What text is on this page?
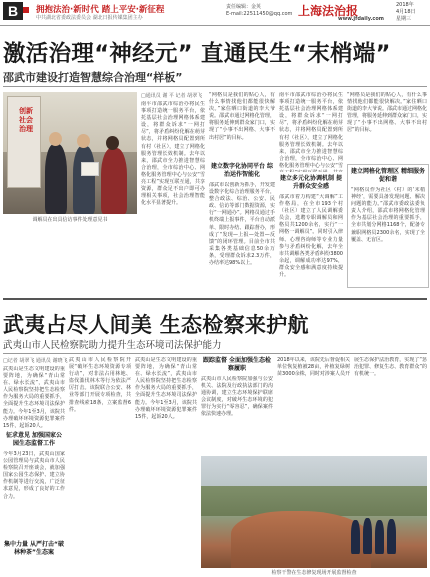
B	拥抱法治·新时代 踏上平安·新征程
中共湖北省委政法委员会 湖北日报传媒集团主办
责任编辑：金英
E-mail:22511450@qq.com 上海法治报
www.jfdaily.com
2018年
4月18日
星期三
激活治理“神经元” 直通民生“末梢端”
邵武市建设打造智慧综合治理“样板”
创新社会治理
调解员在出具信访事件处理意见书
□通讯员 谢 平 记者 胡翠飞
南平市邵武市综治办将民生事项打造统一服务平台，依托基层社会治理网格体系建设，将群众诉求“一网打尽”，将矛盾纠纷化解在萌芽状态，并将网格员配置到所有村（社区），建立了网格化服务管理长效机制。去年以来，邵武市全力推进智慧综合治理，全市综治中心、网格化服务管理中心与公安“雪亮工程”实现互联互通，共享资源，群众足不出户即可办理相关事项，社会治理智能化水平显著提升。
“网格员是我们的贴心人，有什么事情找他们都能很快解决。”家住晒口街道的李大爷说。邵武市通过网格化管理，将服务延伸到群众家门口，实现了“小事不出网格、大事不出村居”的目标。
建立数字化协同平台 综治运作智能化
邵武市以创新为抓手，开发建设数字化综合治理服务平台，整合政法、综治、公安、民政、信访等部门数据资源，实行“一网通办”。网格员通过手机终端上报事件，平台自动派单、限时办结、跟踪督办，形成了“发现—上报—处置—反馈”的闭环管理。目前全市共采集各类基础信息50余万条，受理群众诉求2.3万件，办结率达98%以上。
南平市邵武市综治办将民生事项打造统一服务平台，依托基层社会治理网格体系建设，将群众诉求“一网打尽”，将矛盾纠纷化解在萌芽状态，并将网格员配置到所有村（社区），建立了网格化服务管理长效机制。去年以来，邵武市全力推进智慧综合治理，全市综治中心、网格化服务管理中心与公安“雪
建立多元化协调机制 提升群众安全感
邵武市着力构建“大调解”工作格局，在全市193个村（社区）建立了人民调解委员会，选聘专职调解员和网格员共1200余名，实行“一网格一调解员”。同时引入律师、心理咨询师等专业力量参与矛盾纠纷化解，去年全市共调解各类矛盾纠纷3800余起，调解成功率达97%，群众安全感和满意度持续提升。
“网格员是我们的贴心人，有什么事情找他们都能很快解决。”家住晒口街道的李大爷说。邵武市通过网格化管理，将服务延伸到群众家门口，实现了“小事不出网格、大事不出村居”的目标。
建立网格化管理区 精细服务促和谐
“网格员作为社区（村）的‘末梢神经’，需要具备发现问题、解决问题的能力。”邵武市委政法委负责人介绍，邵武市将网格化管理作为基层社会治理的重要抓手，全市共划分网格1168个，配备专兼职网格员2300余名，实现了全覆盖、无盲区。
武夷占尽人间美 生态检察来护航
武夷山市人民检察院助力提升生态环境司法保护能力
□记者 胡翠飞 通讯员 谢晓飞
武夷山是生态文明建设的重要阵地，为确保“青山常在、绿水长流”，武夷山市人民检察院坚持把生态检察作为服务大局的重要抓手，全面提升生态环境司法保护能力。今年1至3月，该院共办理破坏环境资源犯罪案件15件，起诉20人。
征求意见 加强国家公园生态监督工作
今年3月23日，武夷山国家公园管理局与武夷山市人民检察院召开座谈会，就加强国家公园生态保护、建立协作机制等进行交流，广泛征求意见，形成了良好的工作合力。
集中力量 从严打击“破林种茶”生态案
武夷山市人民检察院开展“破坏生态环境资源专项行动”，对非法占用林地、盗伐滥伐林木等行为依法严厉打击。该院联合公安、林业等部门开展专项检查，共排查线索18条，立案监督6件。
武夷山是生态文明建设的重要阵地，为确保“青山常在、绿水长流”，武夷山市人民检察院坚持把生态检察作为服务大局的重要抓手，全面提升生态环境司法保护能力。今年1至3月，该院共办理破坏环境资源犯罪案件15件，起诉20人。
跟踪监督 全面加强生态检察履职
武夷山市人民检察院加强与公安机关、法院及行政执法部门的沟通协调，建立生态环境保护联席会议制度，对破坏生态环境的犯罪行为实行“零容忍”，确保案件依法快速办理。
2018年以来，该院先后督促相关单位恢复植被28亩，补植复绿树苗3000余株，同时对涉案人员开展生态保护法治教育，实现了“惩治犯罪、修复生态、教育群众”的有机统一。
检察干警在生态修复现场开展监督检查
